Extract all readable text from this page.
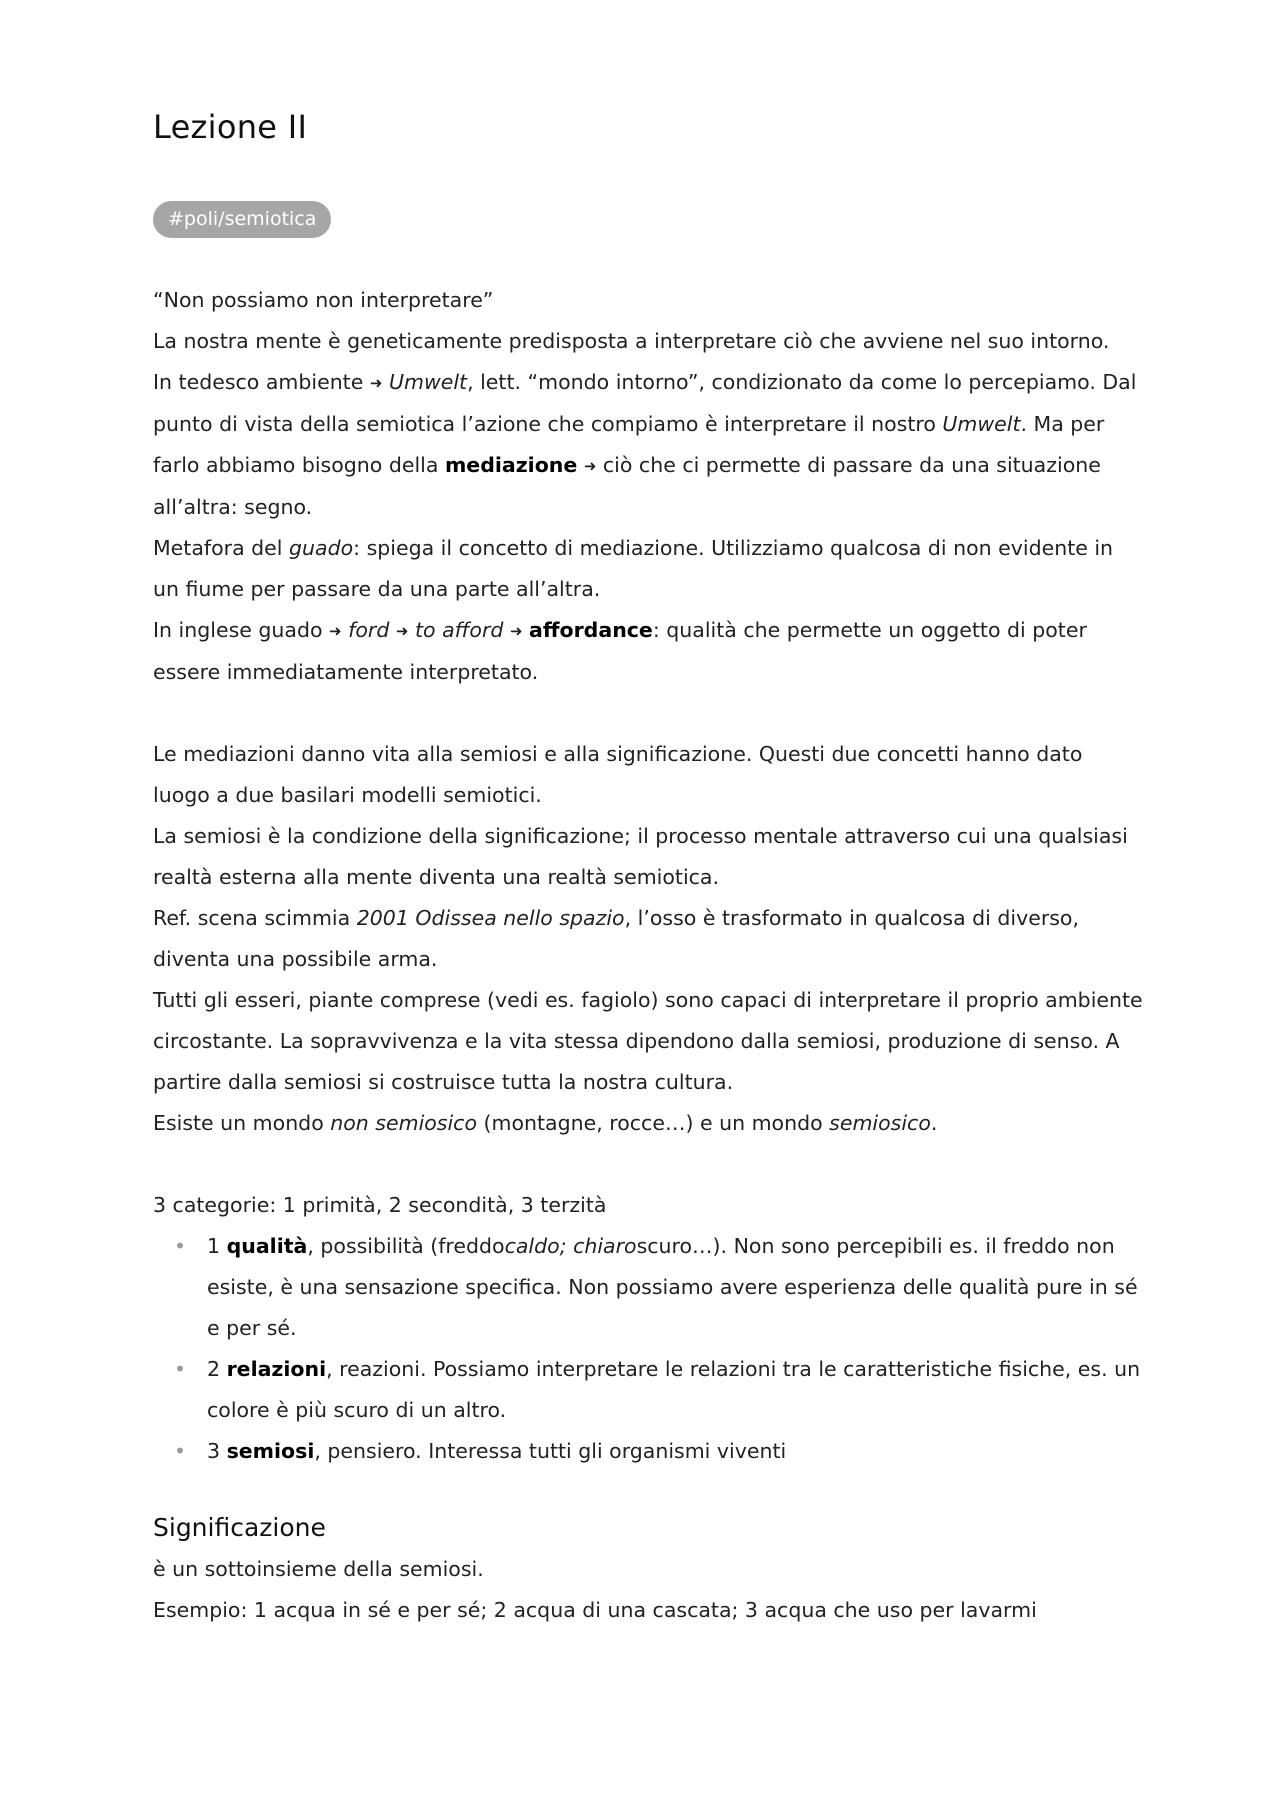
Lezione II
#poli/semiotica

“Non possiamo non interpretare”

La nostra mente è geneticamente predisposta a interpretare ciò che avviene nel suo intorno.

In tedesco ambiente ➜ Umwelt, lett. “mondo intorno”, condizionato da come lo percepiamo. Dal punto di vista della semiotica l’azione che compiamo è interpretare il nostro Umwelt. Ma per farlo abbiamo bisogno della mediazione ➜ ciò che ci permette di passare da una situazione all’altra: segno.

Metafora del guado: spiega il concetto di mediazione. Utilizziamo qualcosa di non evidente in un fiume per passare da una parte all’altra.

In inglese guado ➜ ford ➜ to afford ➜ affordance: qualità che permette un oggetto di poter essere immediatamente interpretato.

Le mediazioni danno vita alla semiosi e alla significazione. Questi due concetti hanno dato luogo a due basilari modelli semiotici.

La semiosi è la condizione della significazione; il processo mentale attraverso cui una qualsiasi realtà esterna alla mente diventa una realtà semiotica.

Ref. scena scimmia 2001 Odissea nello spazio, l’osso è trasformato in qualcosa di diverso, diventa una possibile arma.

Tutti gli esseri, piante comprese (vedi es. fagiolo) sono capaci di interpretare il proprio ambiente circostante. La sopravvivenza e la vita stessa dipendono dalla semiosi, produzione di senso. A partire dalla semiosi si costruisce tutta la nostra cultura.

Esiste un mondo non semiosico (montagne, rocce…) e un mondo semiosico.

3 categorie: 1 primità, 2 secondità, 3 terzità

• 1 qualità, possibilità (freddocaldo; chiaroscuro…). Non sono percepibili es. il freddo non esiste, è una sensazione specifica. Non possiamo avere esperienza delle qualità pure in sé e per sé.
• 2 relazioni, reazioni. Possiamo interpretare le relazioni tra le caratteristiche fisiche, es. un colore è più scuro di un altro.
• 3 semiosi, pensiero. Interessa tutti gli organismi viventi
Significazione

è un sottoinsieme della semiosi.

Esempio: 1 acqua in sé e per sé; 2 acqua di una cascata; 3 acqua che uso per lavarmi
